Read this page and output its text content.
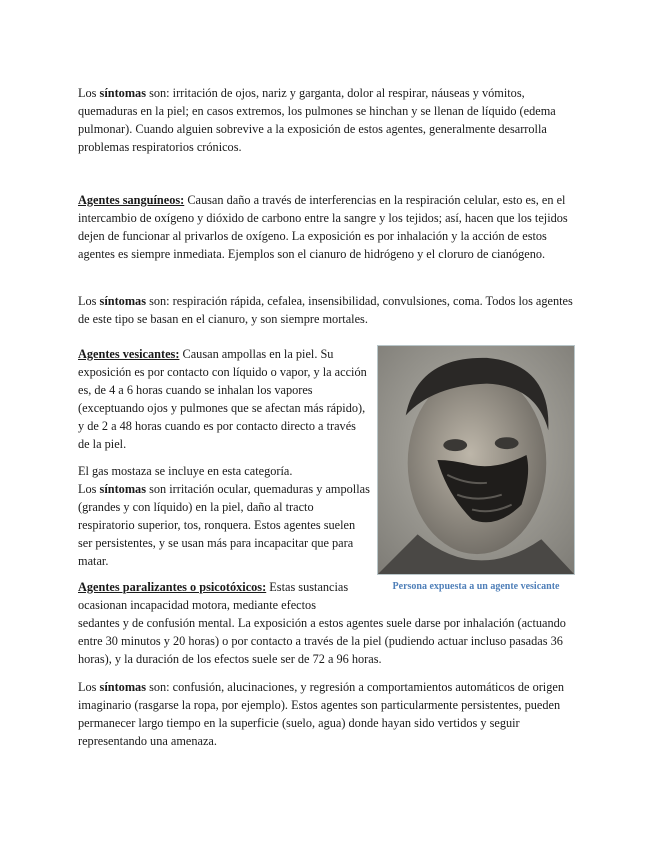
Los síntomas son: irritación de ojos, nariz y garganta, dolor al respirar, náuseas y vómitos, quemaduras en la piel; en casos extremos, los pulmones se hinchan y se llenan de líquido (edema pulmonar). Cuando alguien sobrevive a la exposición de estos agentes, generalmente desarrolla problemas respiratorios crónicos.

Agentes sanguíneos: Causan daño a través de interferencias en la respiración celular, esto es, en el intercambio de oxígeno y dióxido de carbono entre la sangre y los tejidos; así, hacen que los tejidos dejen de funcionar al privarlos de oxígeno. La exposición es por inhalación y la acción de estos agentes es siempre inmediata. Ejemplos son el cianuro de hidrógeno y el cloruro de cianógeno.

Los síntomas son: respiración rápida, cefalea, insensibilidad, convulsiones, coma. Todos los agentes de este tipo se basan en el cianuro, y son siempre mortales.

Agentes vesicantes: Causan ampollas en la piel. Su exposición es por contacto con líquido o vapor, y la acción es, de 4 a 6 horas cuando se inhalan los vapores (exceptuando ojos y pulmones que se afectan más rápido), y de 2 a 48 horas cuando es por contacto directo a través de la piel.

El gas mostaza se incluye en esta categoría.
Los síntomas son irritación ocular, quemaduras y ampollas (grandes y con líquido) en la piel, daño al tracto respiratorio superior, tos, ronquera. Estos agentes suelen ser persistentes, y se usan más para incapacitar que para matar.

Persona expuesta a un agente vesicante

Agentes paralizantes o psicotóxicos: Estas sustancias ocasionan incapacidad motora, mediante efectos
sedantes y de confusión mental. La exposición a estos agentes suele darse por inhalación (actuando entre 30 minutos y 20 horas) o por contacto a través de la piel (pudiendo actuar incluso pasadas 36 horas), y la duración de los efectos suele ser de 72 a 96 horas.

Los síntomas son: confusión, alucinaciones, y regresión a comportamientos automáticos de origen imaginario (rasgarse la ropa, por ejemplo). Estos agentes son particularmente persistentes, pueden permanecer largo tiempo en la superficie (suelo, agua) donde hayan sido vertidos y seguir representando una amenaza.
